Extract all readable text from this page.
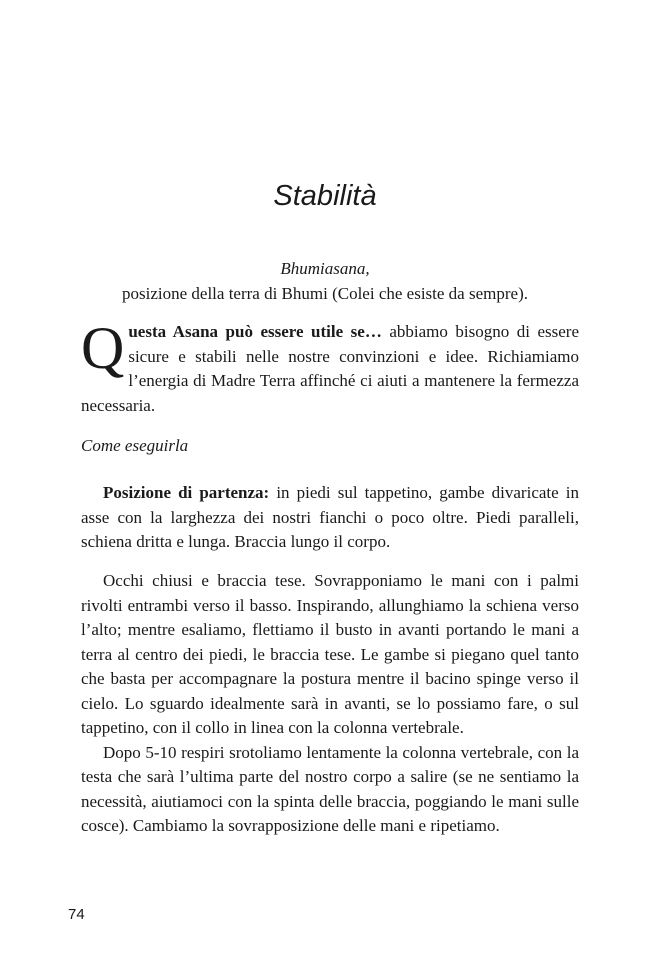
Stabilità
Bhumiasana,
posizione della terra di Bhumi (Colei che esiste da sempre).

Questa Asana può essere utile se… abbiamo bisogno di essere sicure e stabili nelle nostre convinzioni e idee. Richiamiamo l’energia di Madre Terra affinché ci aiuti a mantenere la fermezza necessaria.

Come eseguirla

Posizione di partenza: in piedi sul tappetino, gambe divaricate in asse con la larghezza dei nostri fianchi o poco oltre. Piedi paralleli, schiena dritta e lunga. Braccia lungo il corpo.

Occhi chiusi e braccia tese. Sovrapponiamo le mani con i palmi rivolti entrambi verso il basso. Inspirando, allunghiamo la schiena verso l’alto; mentre esaliamo, flettiamo il busto in avanti portando le mani a terra al centro dei piedi, le braccia tese. Le gambe si piegano quel tanto che basta per accompagnare la postura mentre il bacino spinge verso il cielo. Lo sguardo idealmente sarà in avanti, se lo possiamo fare, o sul tappetino, con il collo in linea con la colonna vertebrale.

Dopo 5-10 respiri srotoliamo lentamente la colonna vertebrale, con la testa che sarà l’ultima parte del nostro corpo a salire (se ne sentiamo la necessità, aiutiamoci con la spinta delle braccia, poggiando le mani sulle cosce). Cambiamo la sovrapposizione delle mani e ripetiamo.

74
